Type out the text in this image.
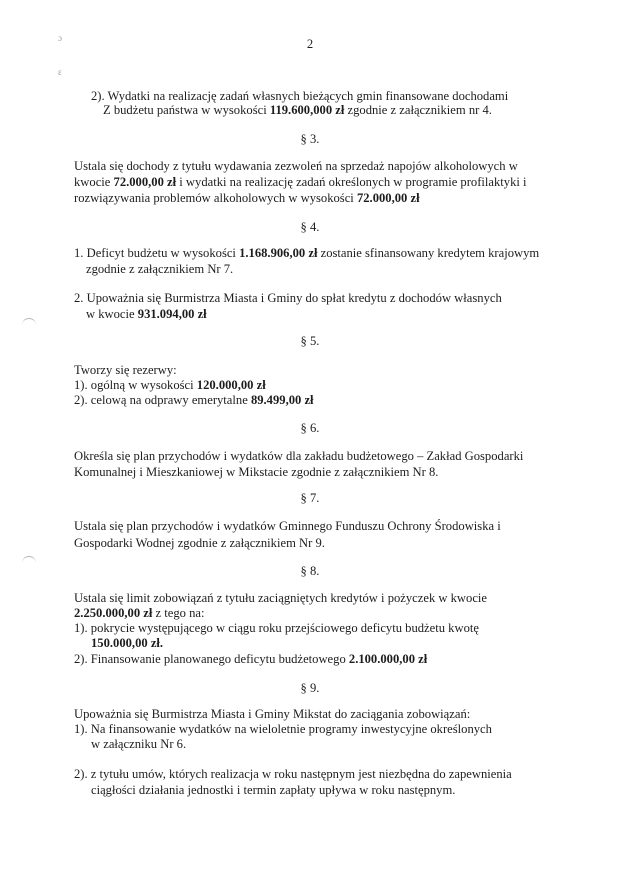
ɔ
ε
2
2). Wydatki na realizację zadań własnych bieżących gmin finansowane dochodami
Z budżetu państwa w wysokości 119.600,000 zł zgodnie z załącznikiem nr 4.
§ 3.
Ustala się dochody z tytułu wydawania zezwoleń na sprzedaż napojów alkoholowych w
kwocie 72.000,00 zł i wydatki na realizację zadań określonych w programie profilaktyki i
rozwiązywania problemów alkoholowych w wysokości 72.000,00 zł
§ 4.
1. Deficyt budżetu w wysokości 1.168.906,00 zł zostanie sfinansowany kredytem krajowym
zgodnie z załącznikiem Nr 7.
2. Upoważnia się Burmistrza Miasta i Gminy do spłat kredytu z dochodów własnych
w kwocie 931.094,00 zł
§ 5.
Tworzy się rezerwy:
1). ogólną w wysokości 120.000,00 zł
2). celową na odprawy emerytalne 89.499,00 zł
§ 6.
Określa się plan przychodów i wydatków dla zakładu budżetowego – Zakład Gospodarki
Komunalnej i Mieszkaniowej w Mikstacie zgodnie z załącznikiem Nr 8.
§ 7.
Ustala się plan przychodów i wydatków Gminnego Funduszu Ochrony Środowiska i
Gospodarki Wodnej zgodnie z załącznikiem Nr 9.
§ 8.
Ustala się limit zobowiązań z tytułu zaciągniętych kredytów i pożyczek w kwocie
2.250.000,00 zł z tego na:
1). pokrycie występującego w ciągu roku przejściowego deficytu budżetu kwotę
150.000,00 zł.
2). Finansowanie planowanego deficytu budżetowego 2.100.000,00 zł
§ 9.
Upoważnia się Burmistrza Miasta i Gminy Mikstat do zaciągania zobowiązań:
1). Na finansowanie wydatków na wieloletnie programy inwestycyjne określonych
w załączniku Nr 6.
2). z tytułu umów, których realizacja w roku następnym jest niezbędna do zapewnienia
ciągłości działania jednostki i termin zapłaty upływa w roku następnym.
